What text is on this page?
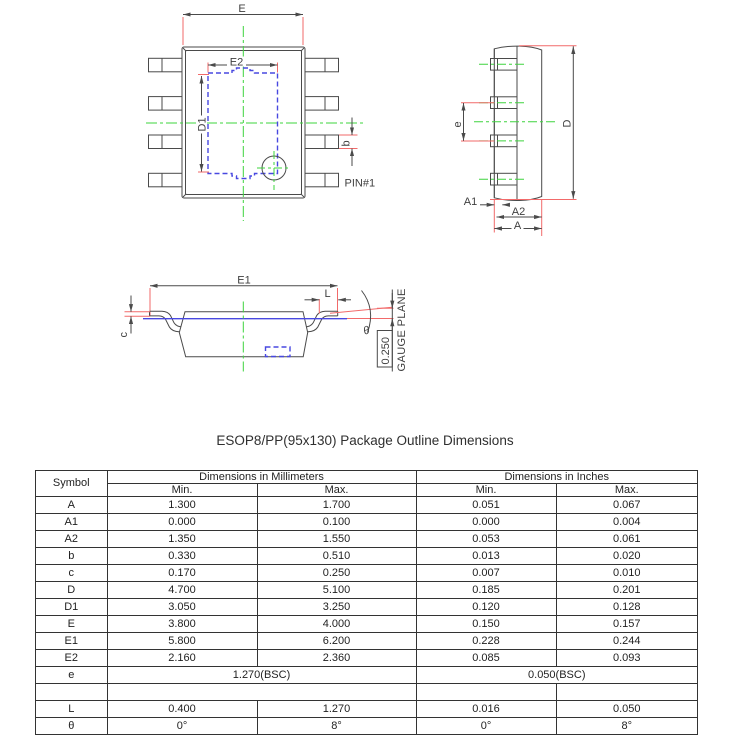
E
E2
D1
b
PIN#1
e	D
A1
A2
A
E1
L
c	θ
0.250 GAUGE PLANE
ESOP8/PP(95x130) Package Outline Dimensions
Symbol	Dimensions in Millimeters		Dimensions in Inches	
	Min.	Max.	Min.	Max.
A	1.300	1.700	0.051	0.067
A1	0.000	0.100	0.000	0.004
A2	1.350	1.550	0.053	0.061
b	0.330	0.510	0.013	0.020
c	0.170	0.250	0.007	0.010
D	4.700	5.100	0.185	0.201
D1	3.050	3.250	0.120	0.128
E	3.800	4.000	0.150	0.157
E1	5.800	6.200	0.228	0.244
E2	2.160	2.360	0.085	0.093
e	1.270(BSC)		0.050(BSC)	

L	0.400	1.270	0.016	0.050
θ	0°	8°	0°	8°
